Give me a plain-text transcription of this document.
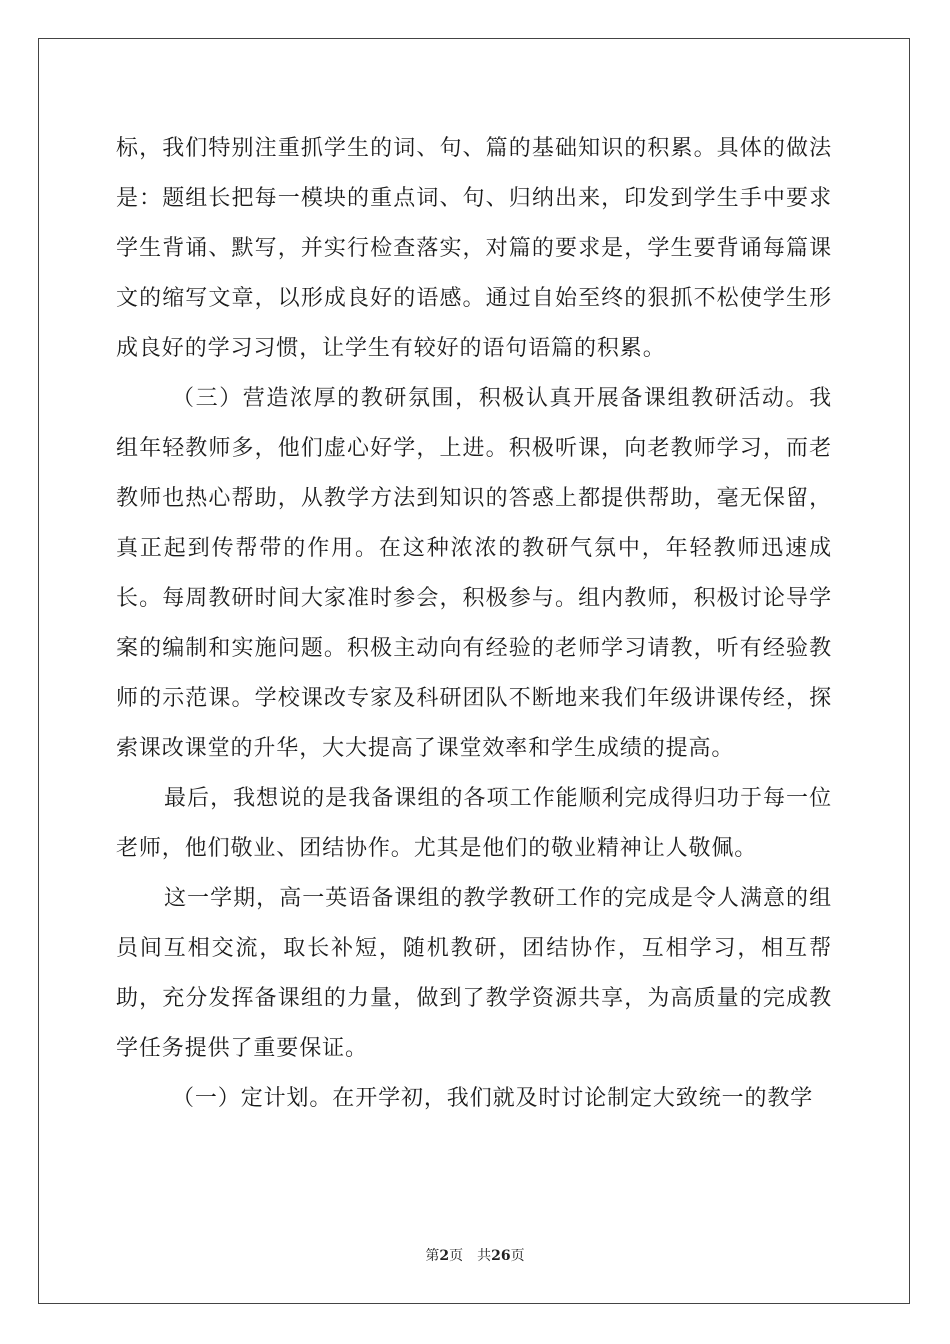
标，我们特别注重抓学生的词、句、篇的基础知识的积累。具体的做法是：题组长把每一模块的重点词、句、归纳出来，印发到学生手中要求学生背诵、默写，并实行检查落实，对篇的要求是，学生要背诵每篇课文的缩写文章，以形成良好的语感。通过自始至终的狠抓不松使学生形成良好的学习习惯，让学生有较好的语句语篇的积累。

（三）营造浓厚的教研氛围，积极认真开展备课组教研活动。我组年轻教师多，他们虚心好学，上进。积极听课，向老教师学习，而老教师也热心帮助，从教学方法到知识的答惑上都提供帮助，毫无保留，真正起到传帮带的作用。在这种浓浓的教研气氛中，年轻教师迅速成长。每周教研时间大家准时参会，积极参与。组内教师，积极讨论导学案的编制和实施问题。积极主动向有经验的老师学习请教，听有经验教师的示范课。学校课改专家及科研团队不断地来我们年级讲课传经，探索课改课堂的升华，大大提高了课堂效率和学生成绩的提高。

最后，我想说的是我备课组的各项工作能顺利完成得归功于每一位老师，他们敬业、团结协作。尤其是他们的敬业精神让人敬佩。

这一学期，高一英语备课组的教学教研工作的完成是令人满意的组员间互相交流，取长补短，随机教研，团结协作，互相学习，相互帮助，充分发挥备课组的力量，做到了教学资源共享，为高质量的完成教学任务提供了重要保证。

（一）定计划。在开学初，我们就及时讨论制定大致统一的教学

第2页 共26页
